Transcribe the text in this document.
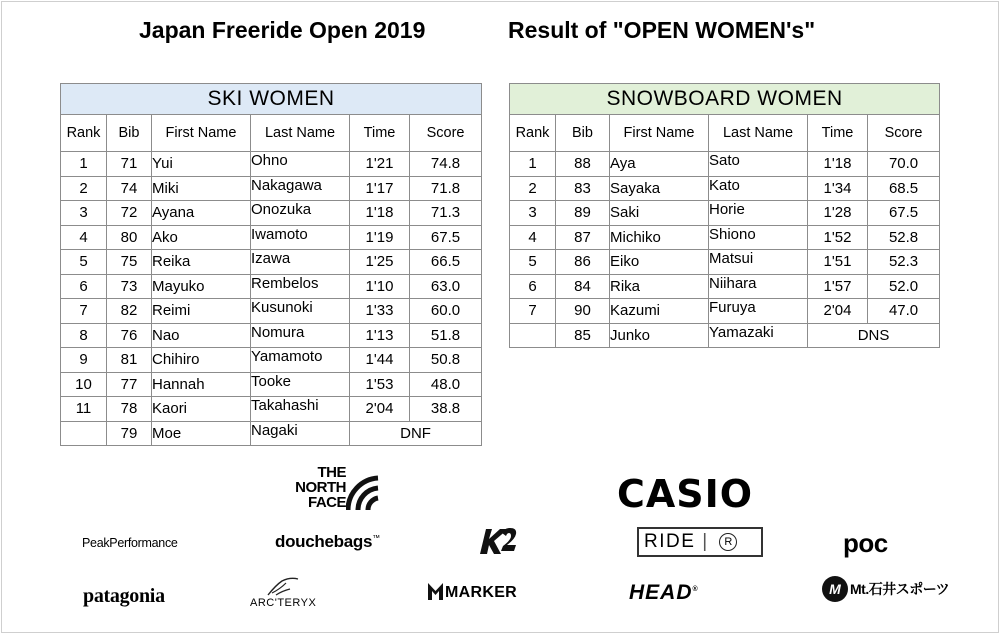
Japan Freeride Open 2019	Result of "OPEN WOMEN's"
SKI WOMEN					
Rank	Bib	First Name	Last Name	Time	Score
1	71	Yui	Ohno	1'21	74.8
2	74	Miki	Nakagawa	1'17	71.8
3	72	Ayana	Onozuka	1'18	71.3
4	80	Ako	Iwamoto	1'19	67.5
5	75	Reika	Izawa	1'25	66.5
6	73	Mayuko	Rembelos	1'10	63.0
7	82	Reimi	Kusunoki	1'33	60.0
8	76	Nao	Nomura	1'13	51.8
9	81	Chihiro	Yamamoto	1'44	50.8
10	77	Hannah	Tooke	1'53	48.0
11	78	Kaori	Takahashi	2'04	38.8
	79	Moe	Nagaki	DNF	
SNOWBOARD WOMEN					
Rank	Bib	First Name	Last Name	Time	Score
1	88	Aya	Sato	1'18	70.0
2	83	Sayaka	Kato	1'34	68.5
3	89	Saki	Horie	1'28	67.5
4	87	Michiko	Shiono	1'52	52.8
5	86	Eiko	Matsui	1'51	52.3
6	84	Rika	Niihara	1'57	52.0
7	90	Kazumi	Furuya	2'04	47.0
	85	Junko	Yamazaki	DNS	
THE
NORTH
FACE	CASIO
PeakPerformance	douchebags™	RIDE | R	poc
patagonia	ARC'TERYX
MARKER	HEAD®	M Mt.石井スポーツ
